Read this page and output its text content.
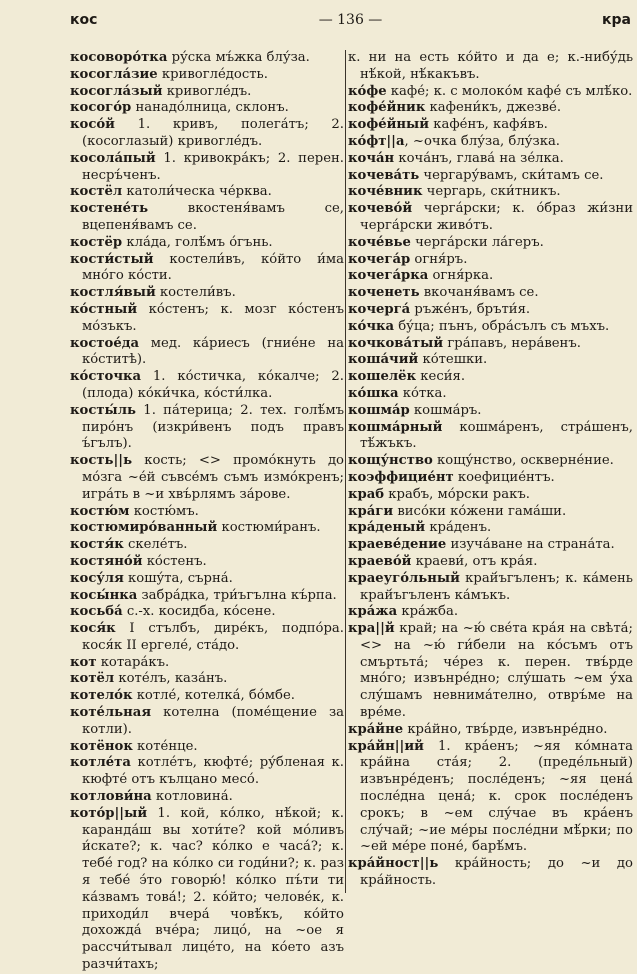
кос	— 136 —	кра

косоворо́тка ру́ска мъ́жка блу́за.

косогла́зие кривогле́дость.

косогла́зый кривогле́дъ.

косого́р нанадо́лница, склонъ.

косо́й 1. кривъ, полега́тъ; 2. (косоглазый) кривогле́дъ.

косола́пый 1. криво​кра́къ; 2. перен. несръ́ченъ.

костёл католи́ческа че́рква.

костене́ть вкостеня́вамъ се, вцепеня́вамъ се.

костёр кла́да, голѣ́мъ о́гънь.

кости́стый костели́въ, ко́йто и́ма мно́го ко́сти.

костля́вый костели́въ.

ко́стный ко́стенъ; к. мозг ко́стенъ мо́зъкъ.

костое́да мед. ка́риесъ (гние́не на ко́ститѣ).

ко́сточка 1. ко́стичка, ко́калче; 2. (плода) ко́ки́чка, ко́сти́лка.

косты́ль 1. па́терица; 2. тех. голѣ́мъ пиро́нъ (изкри́венъ подъ правъ ъ́гълъ).

кость||ь кость; <> промо́кнуть до мо́зга ~е́й съвсе́мъ съмъ измо́кренъ; игра́ть в ~и хвъ́рлямъ за́рове.

костю́м костю́мъ.

костюмиро́ванный костюми́ранъ.

костя́к скеле́тъ.

костяно́й ко́стенъ.

косу́ля кошу́та, сърна́.

косы́нка забра́дка, три́ъгълна къ́рпа.

косьба́ с.-х. косидба, ко́сене.

кося́к I стълбъ, дире́къ, подпо́ра. кося́к II ергеле́, ста́до.

кот котара́къ.

котёл коте́лъ, каза́нъ.

котело́к котле́, котелка́, бо́мбе.

коте́льная котелна (поме́щение за котли).

котёнок коте́нце.

котле́та котле́тъ, кюфте́; ру́бленая к. кюфте́ отъ кълцано месо́.

котлови́на котловина́.

кото́р||ый 1. кой, ко́лко, нѣ́кой; к. каранда́ш вы хоти́те? кой мо́ливъ и́скате?; к. час? ко́лко е часа́?; к. тебе́ год? на ко́лко си годи́ни?; к. раз я тебе́ э́то говорю́! ко́лко пъ́ти ти ка́звамъ това́!; 2. ко́йто; челове́к, к. приходи́л вчера́ човѣ́къ, ко́йто дохожда́ вче́ра; лицо́, на ~ое я рассчи́тывал лице́то, на ко́ето азъ разчи́тахъ;

к. ни на есть ко́йто и да е; к.-нибу́дь нѣ́кой, нѣ́какъвъ.

ко́фе кафе́; к. с молоко́м кафе́ съ млѣ́ко.

кофе́йник кафени́къ, джезве́.

кофе́йный кафе́нъ, кафя́въ.

ко́фт||а, ~очка блу́за, блу́зка.

коча́н коча́нъ, глава́ на зе́лка.

кочева́ть чергару́вамъ, ски́тамъ се.

коче́вник чергарь, ски́тникъ.

кочево́й черга́рски; к. о́браз жи́зни черга́рски живо́тъ.

коче́вье черга́рски ла́геръ.

кочега́р огня́ръ.

кочега́рка огня́рка.

коченеть вкочаня́вамъ се.

кочерга́ ръже́нъ, бръти́я.

ко́чка бу́ца; пънъ, обра́сълъ съ мъхъ.

кочкова́тый гра́павъ, нера́венъ.

коша́чий ко́тешки.

кошелёк кеси́я.

ко́шка ко́тка.

кошма́р кошма́ръ.

кошма́рный кошма́ренъ, стра́шенъ, тѣ́жъкъ.

кощу́нство кощу́нство, оскверне́ние.

коэффицие́нт коефицие́нтъ.

краб крабъ, мо́рски ракъ.

кра́ги висо́ки ко́жени гама́ши.

кра́деный кра́денъ.

краеве́дение изуча́ване на страна́та.

краево́й краеви́, отъ кра́я.

краеуго́льный край́ъгъленъ; к. ка́мень край́ъгъленъ ка́мъкъ.

кра́жа кра́жба.

кра||й край; на ~ю́ све́та кра́я на свѣта́; <> на ~ю́ ги́бели на ко́съмъ отъ смъртьта́; че́рез к. перен. твъ́рде мно́го; извънре́дно; слу́шать ~ем у́ха слу́шамъ невнима́телно, отвръ́ме на вре́ме.

кра́йне кра́йно, твъ́рде, извънре́дно.

кра́йн||ий 1. кра́енъ; ~яя ко́мната кра́йна ста́я; 2. (преде́льный) извънре́денъ; после́денъ; ~яя цена́ после́дна цена́; к. срок после́денъ срокъ; в ~ем слу́чае въ кра́енъ слу́чай; ~ие ме́ры после́дни мѣ́рки; по ~ей ме́ре поне́, барѣ́мъ.

кра́йност||ь кра́йность; до ~и до кра́йность.
